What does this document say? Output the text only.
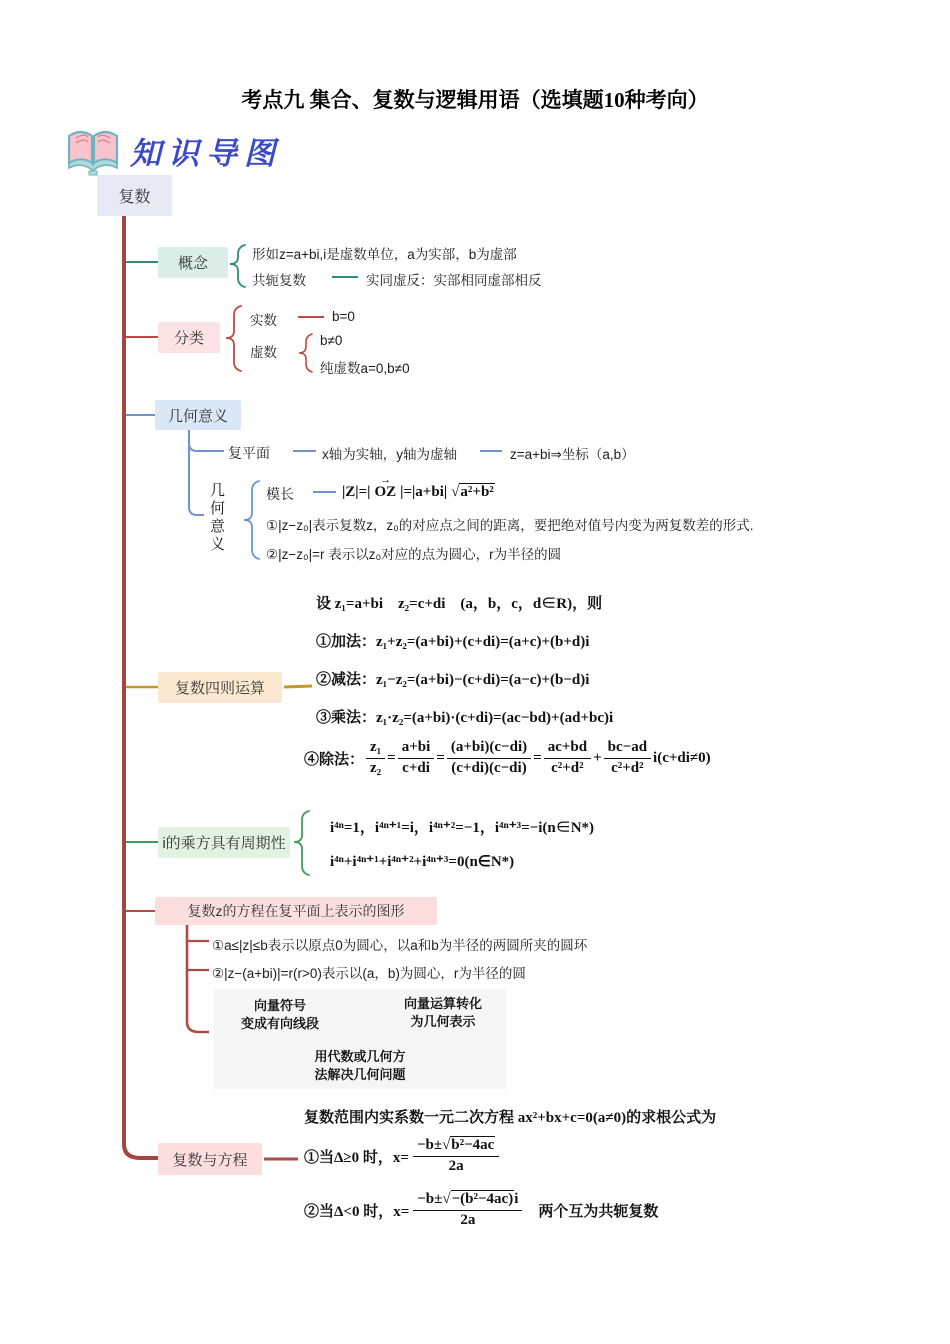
考点九 集合、复数与逻辑用语（选填题10种考向）
知识导图
复数
概念
分类
几何意义
复数四则运算
i的乘方具有周期性
复数z的方程在复平面上表示的图形
复数与方程
形如z=a+bi,i是虚数单位，a为实部，b为虚部
共轭复数	实同虚反：实部相同虚部相反
实数	b=0
虚数
b≠0
纯虚数a=0,b≠0
复平面	x轴为实轴，y轴为虚轴	z=a+bi⇒坐标（a,b）
几何意义	模长	|Z|=| OZ → |=|a+bi| √a²+b²
①|z−z₀|表示复数z，z₀的对应点之间的距离，要把绝对值号内变为两复数差的形式.
②|z−z₀|=r 表示以z₀对应的点为圆心，r为半径的圆
设 z₁=a+bi　z₂=c+di　(a，b，c，d∈R)，则
①加法：z₁+z₂=(a+bi)+(c+di)=(a+c)+(b+d)i
②减法：z₁−z₂=(a+bi)−(c+di)=(a−c)+(b−d)i
③乘法：z₁·z₂=(a+bi)·(c+di)=(ac−bd)+(ad+bc)i
④除法： $\frac{\text{z₁}}{\text{z₂}} = \frac{a+bi}{c+di} = \frac{(a+bi)(c-di)}{(c+di)(c-di)} = \frac{ac+bd}{\text{c²+d²}} + \frac{bc-ad}{\text{c²+d²}} i(c+di\ne 0)$
i⁴ⁿ=1，i⁴ⁿ⁺¹=i，i⁴ⁿ⁺²=−1，i⁴ⁿ⁺³=−i(n∈N*)
i⁴ⁿ+i⁴ⁿ⁺¹+i⁴ⁿ⁺²+i⁴ⁿ⁺³=0(n∈N*)
①a≤|z|≤b表示以原点0为圆心，以a和b为半径的两圆所夹的圆环
②|z−(a+bi)|=r(r>0)表示以(a，b)为圆心，r为半径的圆
向量符号
变成有向线段
向量运算转化
为几何表示
用代数或几何方
法解决几何问题
复数范围内实系数一元二次方程 ax²+bx+c=0(a≠0)的求根公式为
①当Δ≥0 时，$x= \frac{\text{−b±√b²−4ac}}{2a}$
②当Δ<0 时，$x= \frac{\text{−b±√−(b²−4ac)i}}{2a}$ 两个互为共轭复数
